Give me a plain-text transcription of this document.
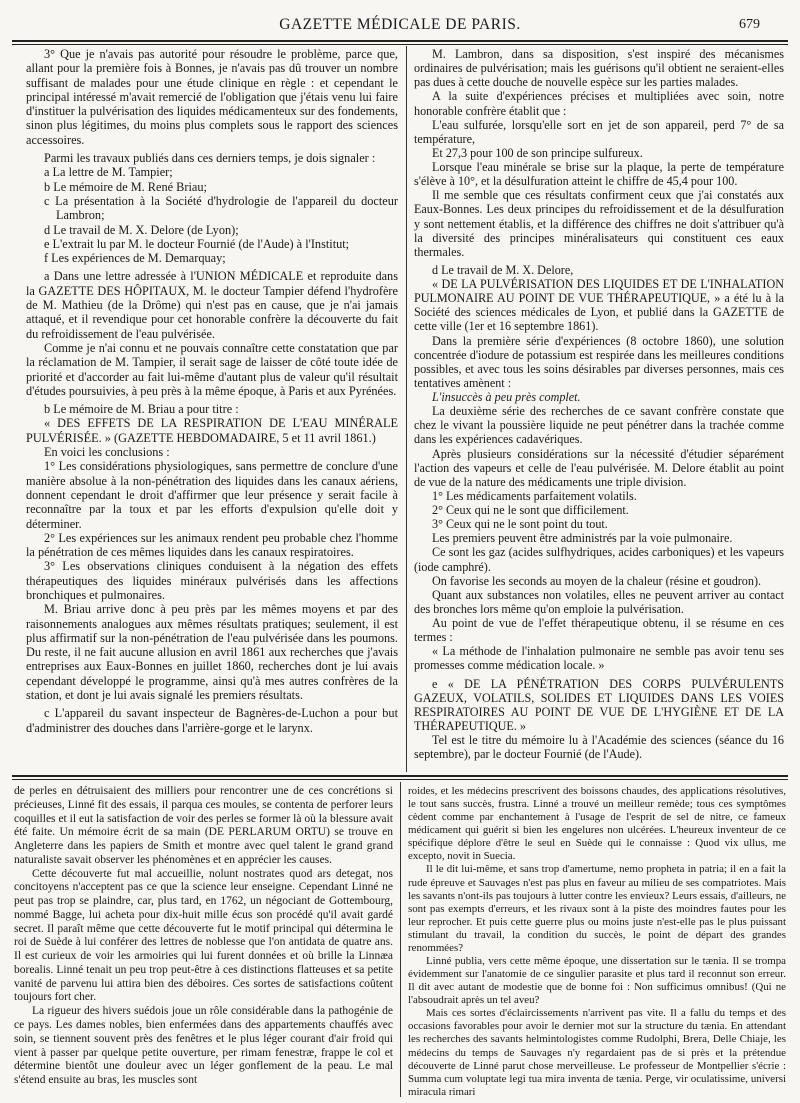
GAZETTE MÉDICALE DE PARIS.	679

3° Que je n'avais pas autorité pour résoudre le problème, parce que, allant pour la première fois à Bonnes, je n'avais pas dû trouver un nombre suffisant de malades pour une étude clinique en règle : et cependant le principal intéressé m'avait remercié de l'obligation que j'étais venu lui faire d'instituer la pulvérisation des liquides médicamenteux sur des fondements, sinon plus légitimes, du moins plus complets sous le rapport des sciences accessoires.

Parmi les travaux publiés dans ces derniers temps, je dois signaler :

a La lettre de M. Tampier;

b Le mémoire de M. René Briau;

c La présentation à la Société d'hydrologie de l'appareil du docteur Lambron;

d Le travail de M. X. Delore (de Lyon);

e L'extrait lu par M. le docteur Fournié (de l'Aude) à l'Institut;

f Les expériences de M. Demarquay;

a Dans une lettre adressée à l'UNION MÉDICALE et reproduite dans la GAZETTE DES HÔPITAUX, M. le docteur Tampier défend l'hydrofère de M. Mathieu (de la Drôme) qui n'est pas en cause, que je n'ai jamais attaqué, et il revendique pour cet honorable confrère la découverte du fait du refroidissement de l'eau pulvérisée.

Comme je n'ai connu et ne pouvais connaître cette constatation que par la réclamation de M. Tampier, il serait sage de laisser de côté toute idée de priorité et d'accorder au fait lui-même d'autant plus de valeur qu'il résultait d'études poursuivies, à peu près à la même époque, à Paris et aux Pyrénées.

b Le mémoire de M. Briau a pour titre :

« DES EFFETS DE LA RESPIRATION DE L'EAU MINÉRALE PULVÉRISÉE. » (GAZETTE HEBDOMADAIRE, 5 et 11 avril 1861.)

En voici les conclusions :

1° Les considérations physiologiques, sans permettre de conclure d'une manière absolue à la non-pénétration des liquides dans les canaux aériens, donnent cependant le droit d'affirmer que leur présence y serait facile à reconnaître par la toux et par les efforts d'expulsion qu'elle doit y déterminer.

2° Les expériences sur les animaux rendent peu probable chez l'homme la pénétration de ces mêmes liquides dans les canaux respiratoires.

3° Les observations cliniques conduisent à la négation des effets thérapeutiques des liquides minéraux pulvérisés dans les affections bronchiques et pulmonaires.

M. Briau arrive donc à peu près par les mêmes moyens et par des raisonnements analogues aux mêmes résultats pratiques; seulement, il est plus affirmatif sur la non-pénétration de l'eau pulvérisée dans les poumons. Du reste, il ne fait aucune allusion en avril 1861 aux recherches que j'avais entreprises aux Eaux-Bonnes en juillet 1860, recherches dont je lui avais cependant développé le programme, ainsi qu'à mes autres confrères de la station, et dont je lui avais signalé les premiers résultats.

c L'appareil du savant inspecteur de Bagnères-de-Luchon a pour but d'administrer des douches dans l'arrière-gorge et le larynx.

M. Lambron, dans sa disposition, s'est inspiré des mécanismes ordinaires de pulvérisation; mais les guérisons qu'il obtient ne seraient-elles pas dues à cette douche de nouvelle espèce sur les parties malades.

A la suite d'expériences précises et multipliées avec soin, notre honorable confrère établit que :

L'eau sulfurée, lorsqu'elle sort en jet de son appareil, perd 7° de sa température,

Et 27,3 pour 100 de son principe sulfureux.

Lorsque l'eau minérale se brise sur la plaque, la perte de température s'élève à 10°, et la désulfuration atteint le chiffre de 45,4 pour 100.

Il me semble que ces résultats confirment ceux que j'ai constatés aux Eaux-Bonnes. Les deux principes du refroidissement et de la désulfuration y sont nettement établis, et la différence des chiffres ne doit s'attribuer qu'à la diversité des principes minéralisateurs qui constituent ces eaux thermales.

d Le travail de M. X. Delore,

« DE LA PULVÉRISATION DES LIQUIDES ET DE L'INHALATION PULMONAIRE AU POINT DE VUE THÉRAPEUTIQUE, » a été lu à la Société des sciences médicales de Lyon, et publié dans la GAZETTE de cette ville (1er et 16 septembre 1861).

Dans la première série d'expériences (8 octobre 1860), une solution concentrée d'iodure de potassium est respirée dans les meilleures conditions possibles, et avec tous les soins désirables par diverses personnes, mais ces tentatives amènent :

L'insuccès à peu près complet.

La deuxième série des recherches de ce savant confrère constate que chez le vivant la poussière liquide ne peut pénétrer dans la trachée comme dans les expériences cadavériques.

Après plusieurs considérations sur la nécessité d'étudier séparément l'action des vapeurs et celle de l'eau pulvérisée. M. Delore établit au point de vue de la nature des médicaments une triple division.

1° Les médicaments parfaitement volatils.

2° Ceux qui ne le sont que difficilement.

3° Ceux qui ne le sont point du tout.

Les premiers peuvent être administrés par la voie pulmonaire.

Ce sont les gaz (acides sulfhydriques, acides carboniques) et les vapeurs (iode camphré).

On favorise les seconds au moyen de la chaleur (résine et goudron).

Quant aux substances non volatiles, elles ne peuvent arriver au contact des bronches lors même qu'on emploie la pulvérisation.

Au point de vue de l'effet thérapeutique obtenu, il se résume en ces termes :

« La méthode de l'inhalation pulmonaire ne semble pas avoir tenu ses promesses comme médication locale. »

e « DE LA PÉNÉTRATION DES CORPS PULVÉRULENTS GAZEUX, VOLATILS, SOLIDES ET LIQUIDES DANS LES VOIES RESPIRATOIRES AU POINT DE VUE DE L'HYGIÈNE ET DE LA THÉRAPEUTIQUE. »

Tel est le titre du mémoire lu à l'Académie des sciences (séance du 16 septembre), par le docteur Fournié (de l'Aude).

de perles en détruisaient des milliers pour rencontrer une de ces concrétions si précieuses, Linné fit des essais, il parqua ces moules, se contenta de perforer leurs coquilles et il eut la satisfaction de voir des perles se former là où la blessure avait été faite. Un mémoire écrit de sa main (DE PERLARUM ORTU) se trouve en Angleterre dans les papiers de Smith et montre avec quel talent le grand grand naturaliste savait observer les phénomènes et en apprécier les causes.

Cette découverte fut mal accueillie, nolunt nostrates quod ars detegat, nos concitoyens n'acceptent pas ce que la science leur enseigne. Cependant Linné ne peut pas trop se plaindre, car, plus tard, en 1762, un négociant de Gottembourg, nommé Bagge, lui acheta pour dix-huit mille écus son procédé qu'il avait gardé secret. Il paraît même que cette découverte fut le motif principal qui détermina le roi de Suède à lui conférer des lettres de noblesse que l'on antidata de quatre ans. Il est curieux de voir les armoiries qui lui furent données et où brille la Linnæa borealis. Linné tenait un peu trop peut-être à ces distinctions flatteuses et sa petite vanité de parvenu lui attira bien des déboires. Ces sortes de satisfactions coûtent toujours fort cher.

La rigueur des hivers suédois joue un rôle considérable dans la pathogénie de ce pays. Les dames nobles, bien enfermées dans des appartements chauffés avec soin, se tiennent souvent près des fenêtres et le plus léger courant d'air froid qui vient à passer par quelque petite ouverture, per rimam fenestræ, frappe le col et détermine bientôt une douleur avec un léger gonflement de la peau. Le mal s'étend ensuite au bras, les muscles sont

roides, et les médecins prescrivent des boissons chaudes, des applications résolutives, le tout sans succès, frustra. Linné a trouvé un meilleur remède; tous ces symptômes cèdent comme par enchantement à l'usage de l'esprit de sel de nitre, ce fameux médicament qui guérit si bien les engelures non ulcérées. L'heureux inventeur de ce spécifique déplore d'être le seul en Suède qui le connaisse : Quod vix ullus, me excepto, novit in Suecia.

Il le dit lui-même, et sans trop d'amertume, nemo propheta in patria; il en a fait la rude épreuve et Sauvages n'est pas plus en faveur au milieu de ses compatriotes. Mais les savants n'ont-ils pas toujours à lutter contre les envieux? Leurs essais, d'ailleurs, ne sont pas exempts d'erreurs, et les rivaux sont à la piste des moindres fautes pour les leur reprocher. Et puis cette guerre plus ou moins juste n'est-elle pas le plus puissant stimulant du travail, la condition du succès, le point de départ des grandes renommées?

Linné publia, vers cette même époque, une dissertation sur le tænia. Il se trompa évidemment sur l'anatomie de ce singulier parasite et plus tard il reconnut son erreur. Il dit avec autant de modestie que de bonne foi : Non sufficimus omnibus! (Qui ne l'absoudrait après un tel aveu?

Mais ces sortes d'éclaircissements n'arrivent pas vite. Il a fallu du temps et des occasions favorables pour avoir le dernier mot sur la structure du tænia. En attendant les recherches des savants helmintologistes comme Rudolphi, Brera, Delle Chiaje, les médecins du temps de Sauvages n'y regardaient pas de si près et la prétendue découverte de Linné parut chose merveilleuse. Le professeur de Montpellier s'écrie : Summa cum voluptate legi tua mira inventa de tænia. Perge, vir oculatissime, universi miracula rimari
